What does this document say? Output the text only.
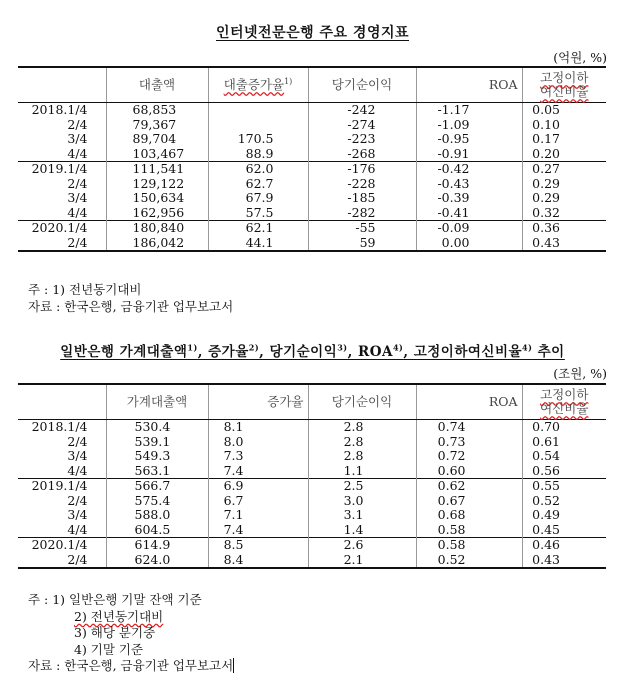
인터넷전문은행 주요 경영지표
(억원, %)
	대출액	대출증가율$^{1)}$	당기순이익	ROA	고정이하
여신비율
2018.1/4	68,853		-242	-1.17	0.05
2/4	79,367		-274	-1.09	0.10
3/4	89,704	170.5	-223	-0.95	0.17
4/4	103,467	88.9	-268	-0.91	0.20
2019.1/4	111,541	62.0	-176	-0.42	0.27
2/4	129,122	62.7	-228	-0.43	0.29
3/4	150,634	67.9	-185	-0.39	0.29
4/4	162,956	57.5	-282	-0.41	0.32
2020.1/4	180,840	62.1	-55	-0.09	0.36
2/4	186,042	44.1	59	0.00	0.43
주 : 1) 전년동기대비
자료 : 한국은행, 금융기관 업무보고서
일반은행 가계대출액$^{1)}$, 증가율$^{2)}$, 당기순이익$^{3)}$, ROA$^{4)}$, 고정이하여신비율$^{4)}$ 추이
(조원, %)
	가계대출액	증가율	당기순이익	ROA	고정이하
여신비율
2018.1/4	530.4	8.1	2.8	0.74	0.70
2/4	539.1	8.0	2.8	0.73	0.61
3/4	549.3	7.3	2.8	0.72	0.54
4/4	563.1	7.4	1.1	0.60	0.56
2019.1/4	566.7	6.9	2.5	0.62	0.55
2/4	575.4	6.7	3.0	0.67	0.52
3/4	588.0	7.1	3.1	0.68	0.49
4/4	604.5	7.4	1.4	0.58	0.45
2020.1/4	614.9	8.5	2.6	0.58	0.46
2/4	624.0	8.4	2.1	0.52	0.43
주 : 1) 일반은행 기말 잔액 기준
2) 전년동기대비
3) 해당 분기중
4) 기말 기준
자료 : 한국은행, 금융기관 업무보고서
